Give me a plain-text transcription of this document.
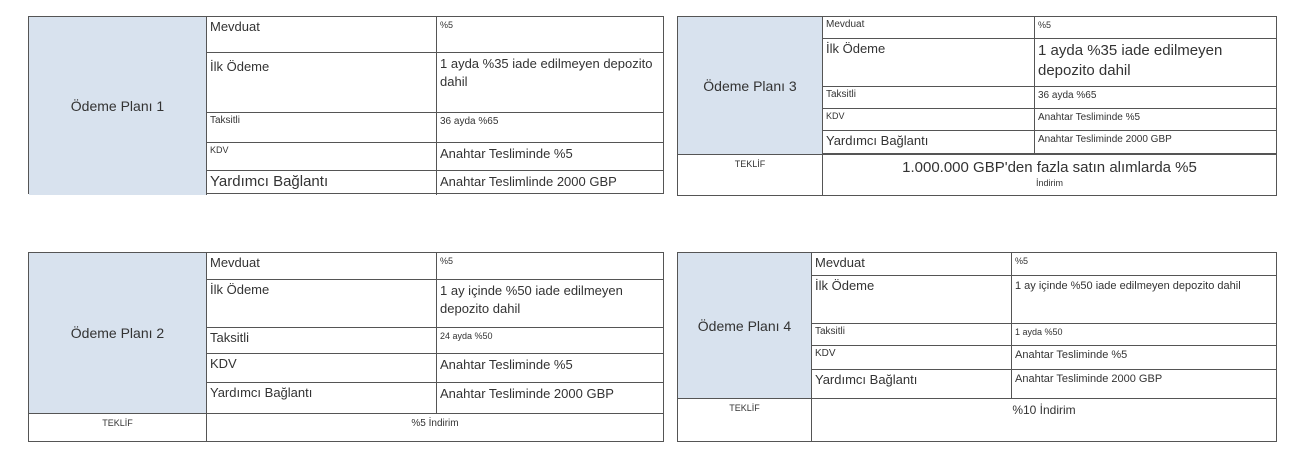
Ödeme Planı 1
Mevduat	%5
İlk Ödeme	1 ayda %35 iade edilmeyen depozito dahil
Taksitli	36 ayda %65
KDV	Anahtar Tesliminde %5
Yardımcı Bağlantı	Anahtar Teslimlinde 2000 GBP
Ödeme Planı 3
Mevduat	%5
İlk Ödeme	1 ayda %35 iade edilmeyen depozito dahil
Taksitli	36 ayda %65
KDV	Anahtar Tesliminde %5
Yardımcı Bağlantı	Anahtar Tesliminde 2000 GBP
TEKLİF	1.000.000 GBP'den fazla satın alımlarda %5
İndirim
Ödeme Planı 2
Mevduat	%5
İlk Ödeme	1 ay içinde %50 iade edilmeyen depozito dahil
Taksitli	24 ayda %50
KDV	Anahtar Tesliminde %5
Yardımcı Bağlantı	Anahtar Tesliminde 2000 GBP
TEKLİF	%5 İndirim
Ödeme Planı 4
Mevduat	%5
İlk Ödeme	1 ay içinde %50 iade edilmeyen depozito dahil
Taksitli	1 ayda %50
KDV	Anahtar Tesliminde %5
Yardımcı Bağlantı	Anahtar Tesliminde 2000 GBP
TEKLİF	%10 İndirim
